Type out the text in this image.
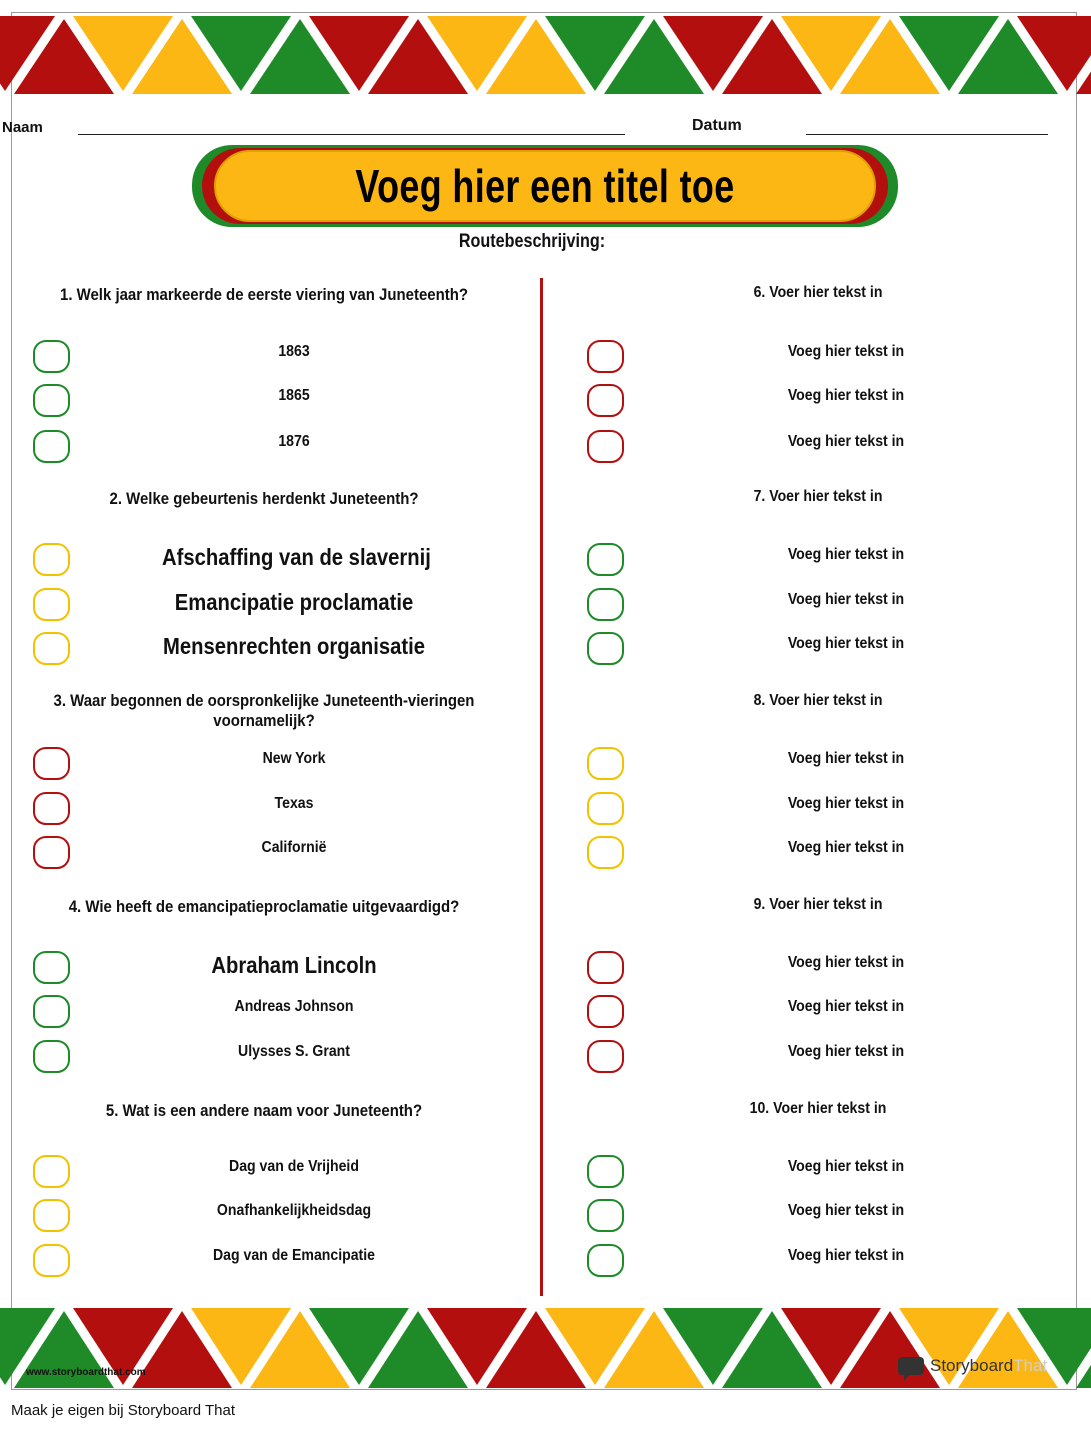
Naam	Datum
Voeg hier een titel toe
Routebeschrijving:
1. Welk jaar markeerde de eerste viering van Juneteenth?
1863
1865
1876
2. Welke gebeurtenis herdenkt Juneteenth?
Afschaffing van de slavernij
Emancipatie proclamatie
Mensenrechten organisatie
3. Waar begonnen de oorspronkelijke Juneteenth-vieringen voornamelijk?
New York
Texas
Californië
4. Wie heeft de emancipatieproclamatie uitgevaardigd?
Abraham Lincoln
Andreas Johnson
Ulysses S. Grant
5. Wat is een andere naam voor Juneteenth?
Dag van de Vrijheid
Onafhankelijkheidsdag
Dag van de Emancipatie
6. Voer hier tekst in
Voeg hier tekst in
Voeg hier tekst in
Voeg hier tekst in
7. Voer hier tekst in
Voeg hier tekst in
Voeg hier tekst in
Voeg hier tekst in
8. Voer hier tekst in
Voeg hier tekst in
Voeg hier tekst in
Voeg hier tekst in
9. Voer hier tekst in
Voeg hier tekst in
Voeg hier tekst in
Voeg hier tekst in
10. Voer hier tekst in
Voeg hier tekst in
Voeg hier tekst in
Voeg hier tekst in
www.storyboardthat.com	StoryboardThat
Maak je eigen bij Storyboard That
